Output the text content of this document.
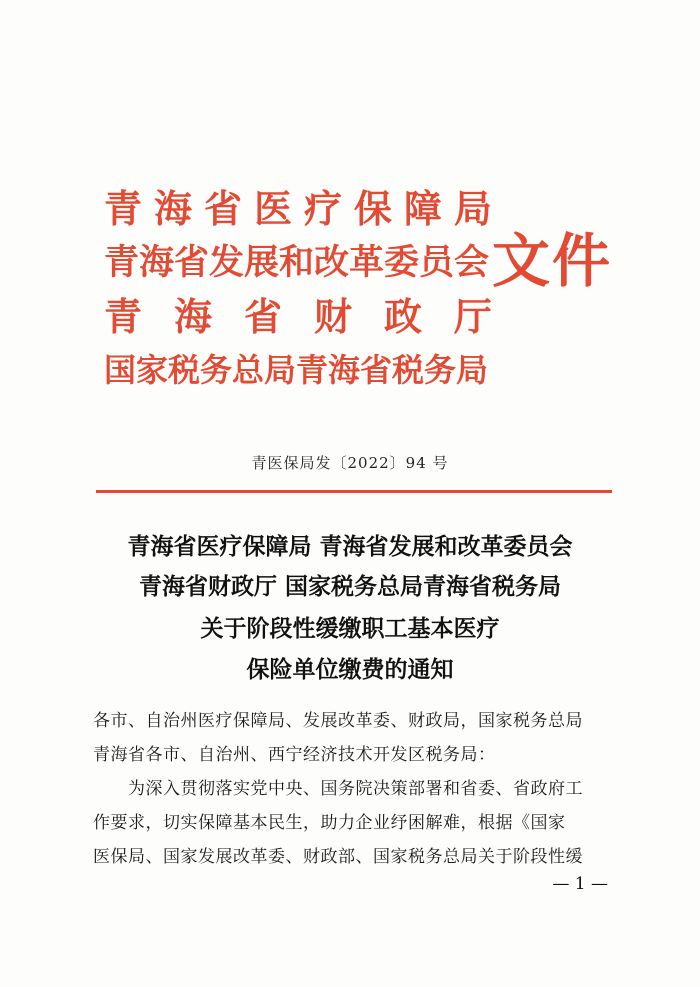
青 海 省 医 疗 保 障 局
青海省发展和改革委员会
青 海 省 财 政 厅
国家税务总局青海省税务局
文件
青医保局发〔2022〕94 号
青海省医疗保障局 青海省发展和改革委员会
青海省财政厅 国家税务总局青海省税务局
关于阶段性缓缴职工基本医疗
保险单位缴费的通知
各市、自治州医疗保障局、发展改革委、财政局，国家税务总局
青海省各市、自治州、西宁经济技术开发区税务局：
为深入贯彻落实党中央、国务院决策部署和省委、省政府工
作要求，切实保障基本民生，助力企业纾困解难，根据《国家
医保局、国家发展改革委、财政部、国家税务总局关于阶段性缓
— 1 —
